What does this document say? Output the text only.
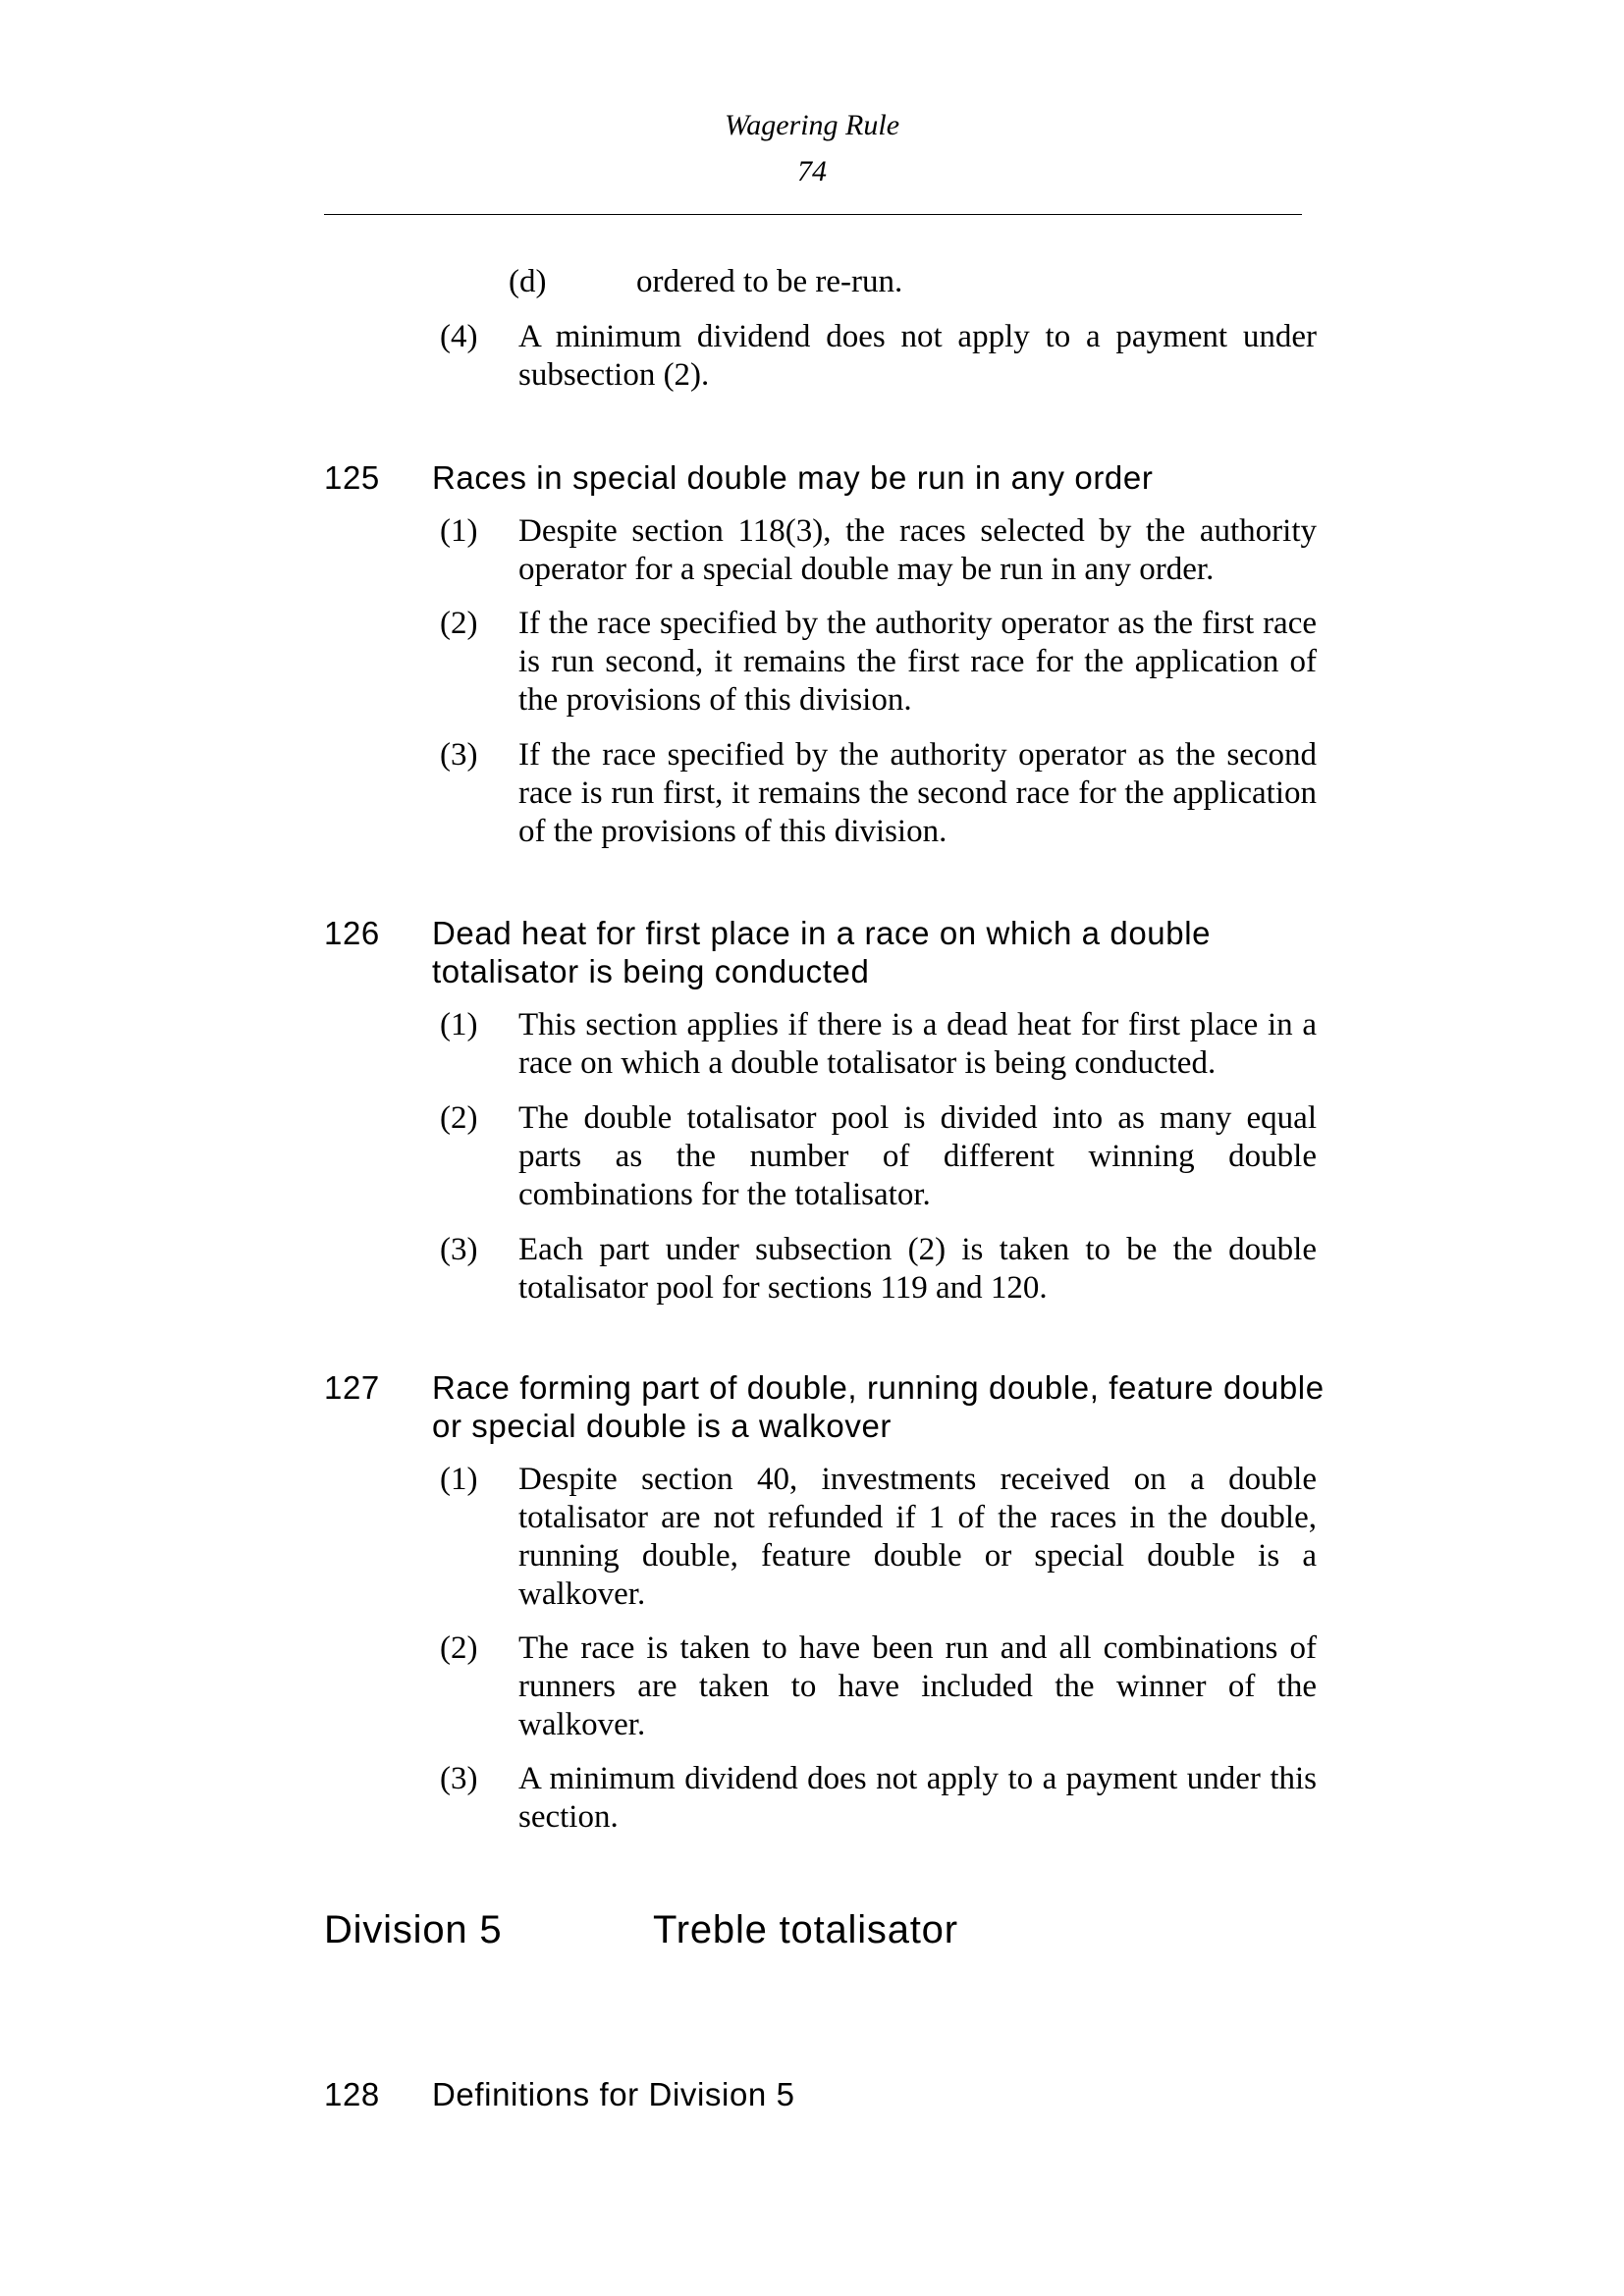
Wagering Rule
74
(d)	ordered to be re-run.
(4) A minimum dividend does not apply to a payment under subsection (2).
125 Races in special double may be run in any order
(1) Despite section 118(3), the races selected by the authority operator for a special double may be run in any order.
(2) If the race specified by the authority operator as the first race is run second, it remains the first race for the application of the provisions of this division.
(3) If the race specified by the authority operator as the second race is run first, it remains the second race for the application of the provisions of this division.
126 Dead heat for first place in a race on which a double totalisator is being conducted
(1) This section applies if there is a dead heat for first place in a race on which a double totalisator is being conducted.
(2) The double totalisator pool is divided into as many equal parts as the number of different winning double combinations for the totalisator.
(3) Each part under subsection (2) is taken to be the double totalisator pool for sections 119 and 120.
127 Race forming part of double, running double, feature double or special double is a walkover
(1) Despite section 40, investments received on a double totalisator are not refunded if 1 of the races in the double, running double, feature double or special double is a walkover.
(2) The race is taken to have been run and all combinations of runners are taken to have included the winner of the walkover.
(3) A minimum dividend does not apply to a payment under this section.
Division 5	Treble totalisator
128 Definitions for Division 5
